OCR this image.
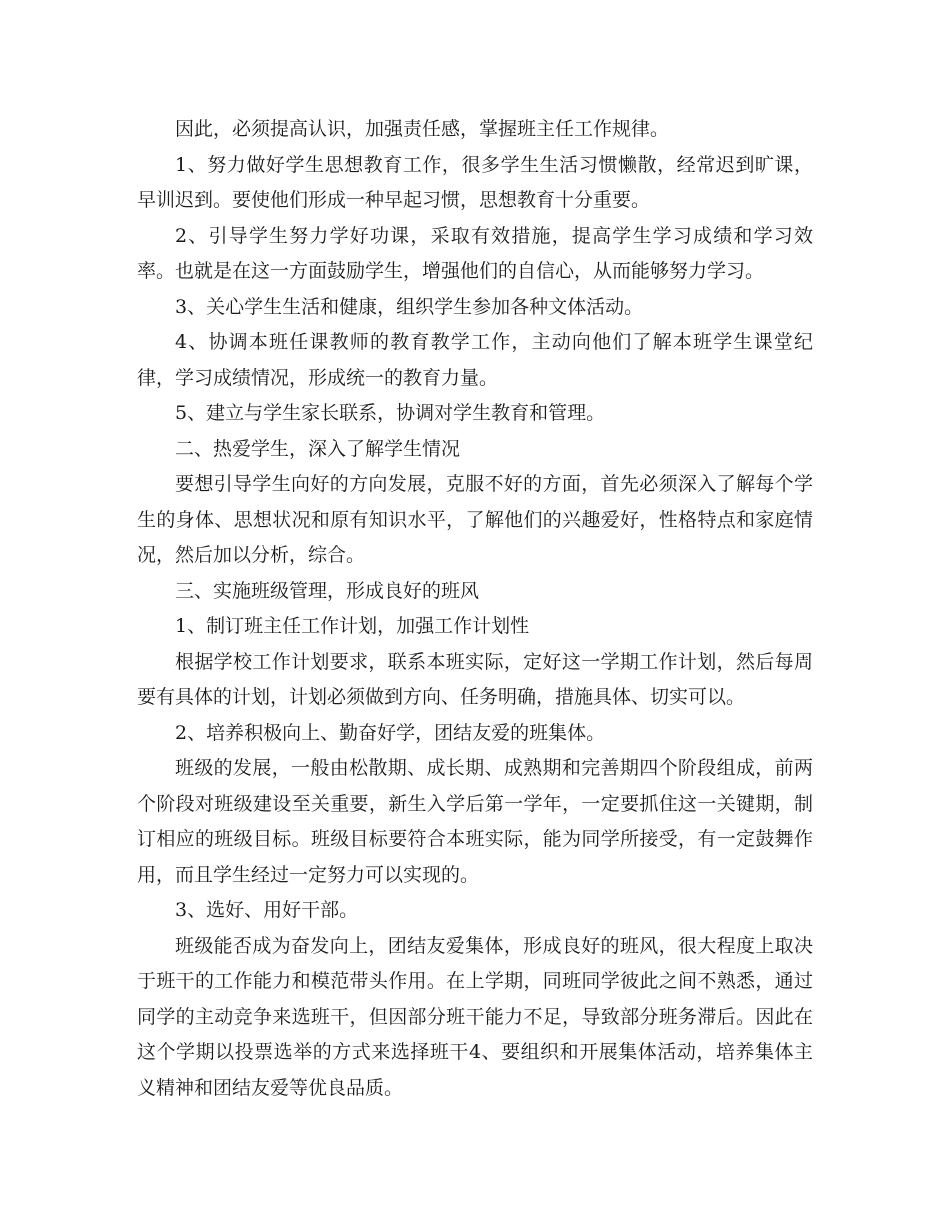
因此，必须提高认识，加强责任感，掌握班主任工作规律。

1、努力做好学生思想教育工作，很多学生生活习惯懒散，经常迟到旷课，早训迟到。要使他们形成一种早起习惯，思想教育十分重要。

2、引导学生努力学好功课，采取有效措施，提高学生学习成绩和学习效率。也就是在这一方面鼓励学生，增强他们的自信心，从而能够努力学习。

3、关心学生生活和健康，组织学生参加各种文体活动。

4、协调本班任课教师的教育教学工作，主动向他们了解本班学生课堂纪律，学习成绩情况，形成统一的教育力量。

5、建立与学生家长联系，协调对学生教育和管理。

二、热爱学生，深入了解学生情况

要想引导学生向好的方向发展，克服不好的方面，首先必须深入了解每个学生的身体、思想状况和原有知识水平，了解他们的兴趣爱好，性格特点和家庭情况，然后加以分析，综合。

三、实施班级管理，形成良好的班风

1、制订班主任工作计划，加强工作计划性

根据学校工作计划要求，联系本班实际，定好这一学期工作计划，然后每周要有具体的计划，计划必须做到方向、任务明确，措施具体、切实可以。

2、培养积极向上、勤奋好学，团结友爱的班集体。

班级的发展，一般由松散期、成长期、成熟期和完善期四个阶段组成，前两个阶段对班级建设至关重要，新生入学后第一学年，一定要抓住这一关键期，制订相应的班级目标。班级目标要符合本班实际，能为同学所接受，有一定鼓舞作用，而且学生经过一定努力可以实现的。

3、选好、用好干部。

班级能否成为奋发向上，团结友爱集体，形成良好的班风，很大程度上取决于班干的工作能力和模范带头作用。在上学期，同班同学彼此之间不熟悉，通过同学的主动竞争来选班干，但因部分班干能力不足，导致部分班务滞后。因此在这个学期以投票选举的方式来选择班干4、要组织和开展集体活动，培养集体主义精神和团结友爱等优良品质。
